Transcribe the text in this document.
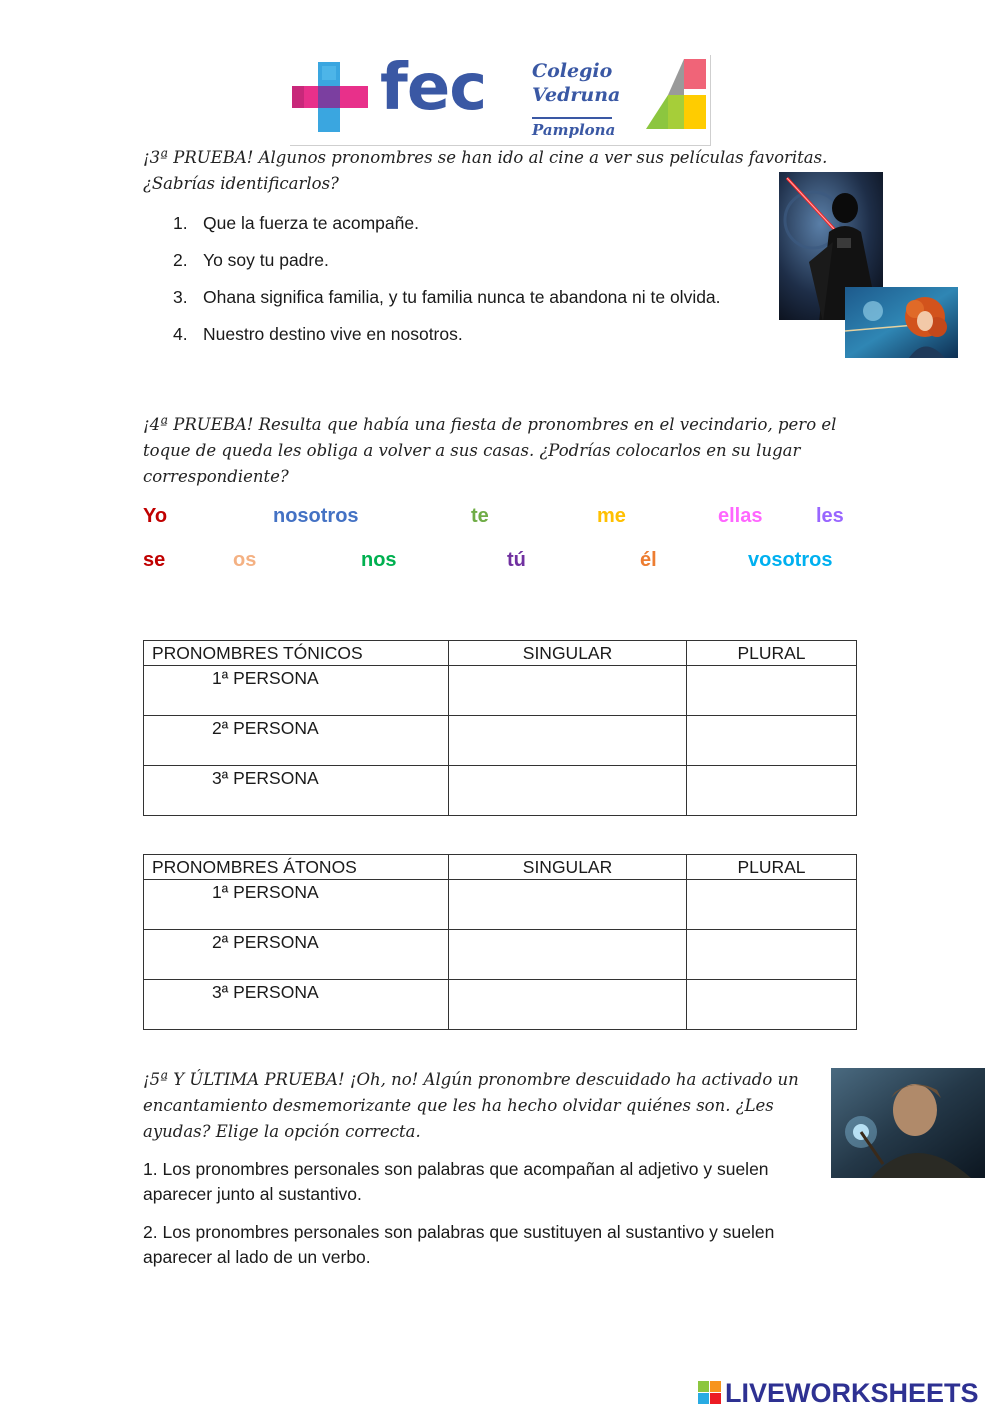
fec Colegio
Vedruna
Pamplona
¡3ª PRUEBA! Algunos pronombres se han ido al cine a ver sus películas favoritas.
¿Sabrías identificarlos?
1. Que la fuerza te acompañe.
2. Yo soy tu padre.
3. Ohana significa familia, y tu familia nunca te abandona ni te olvida.
4. Nuestro destino vive en nosotros.
¡4ª PRUEBA! Resulta que había una fiesta de pronombres en el vecindario, pero el
toque de queda les obliga a volver a sus casas. ¿Podrías colocarlos en su lugar
correspondiente?
Yo	nosotros	te	me	ellas	les
se	os	nos	tú	él	vosotros
PRONOMBRES TÓNICOS	SINGULAR	PLURAL
1ª PERSONA		
2ª PERSONA		
3ª PERSONA		
PRONOMBRES ÁTONOS	SINGULAR	PLURAL
1ª PERSONA		
2ª PERSONA		
3ª PERSONA		
¡5ª Y ÚLTIMA PRUEBA! ¡Oh, no! Algún pronombre descuidado ha activado un
encantamiento desmemorizante que les ha hecho olvidar quiénes son. ¿Les
ayudas? Elige la opción correcta.
1. Los pronombres personales son palabras que acompañan al adjetivo y suelen
aparecer junto al sustantivo.
2. Los pronombres personales son palabras que sustituyen al sustantivo y suelen
aparecer al lado de un verbo.
LIVEWORKSHEETS
